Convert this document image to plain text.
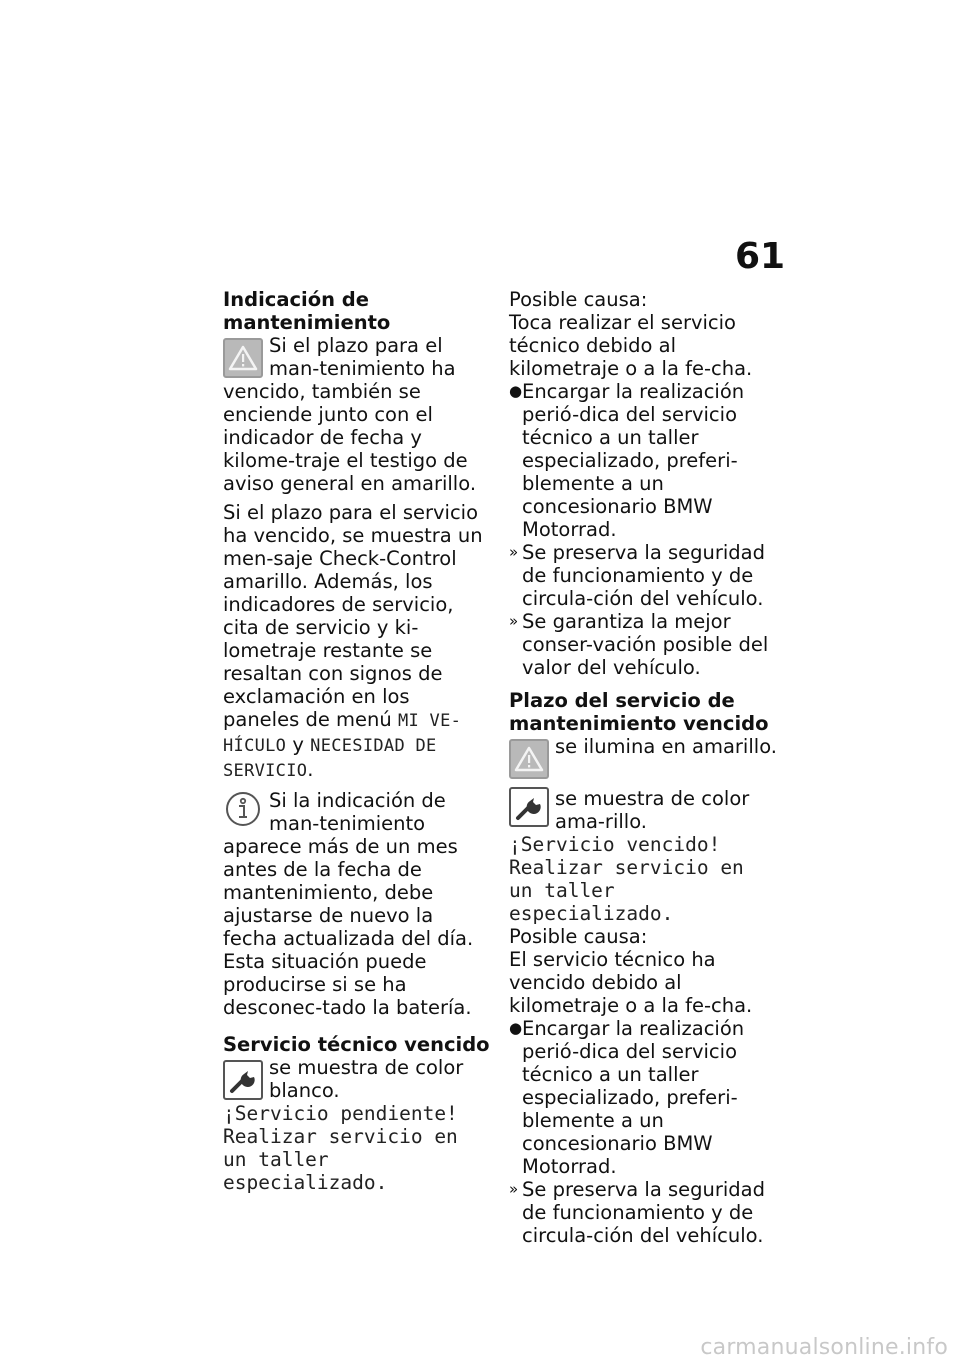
61

Indicación de mantenimiento

Si el plazo para el man-tenimiento ha vencido, también se enciende junto con el indicador de fecha y kilome-traje el testigo de aviso general en amarillo.

Si el plazo para el servicio ha vencido, se muestra un men-saje Check-Control amarillo. Además, los indicadores de servicio, cita de servicio y ki-lometraje restante se resaltan con signos de exclamación en los paneles de menú MI VE-HÍCULO y NECESIDAD DE SERVICIO.

Si la indicación de man-tenimiento aparece más de un mes antes de la fecha de mantenimiento, debe ajustarse de nuevo la fecha actualizada del día. Esta situación puede producirse si se ha desconec-tado la batería.

Servicio técnico vencido

se muestra de color blanco.

¡Servicio pendiente! Realizar servicio en un taller especializado.

Posible causa:

Toca realizar el servicio técnico debido al kilometraje o a la fe-cha.

● Encargar la realización perió-dica del servicio técnico a un taller especializado, preferi-blemente a un concesionario BMW Motorrad.
» Se preserva la seguridad de funcionamiento y de circula-ción del vehículo.
» Se garantiza la mejor conser-vación posible del valor del vehículo.

Plazo del servicio de mantenimiento vencido

se ilumina en amarillo.

se muestra de color ama-rillo.

¡Servicio vencido! Realizar servicio en un taller especializado.

Posible causa:

El servicio técnico ha vencido debido al kilometraje o a la fe-cha.

● Encargar la realización perió-dica del servicio técnico a un taller especializado, preferi-blemente a un concesionario BMW Motorrad.
» Se preserva la seguridad de funcionamiento y de circula-ción del vehículo.
carmanualsonline.info
